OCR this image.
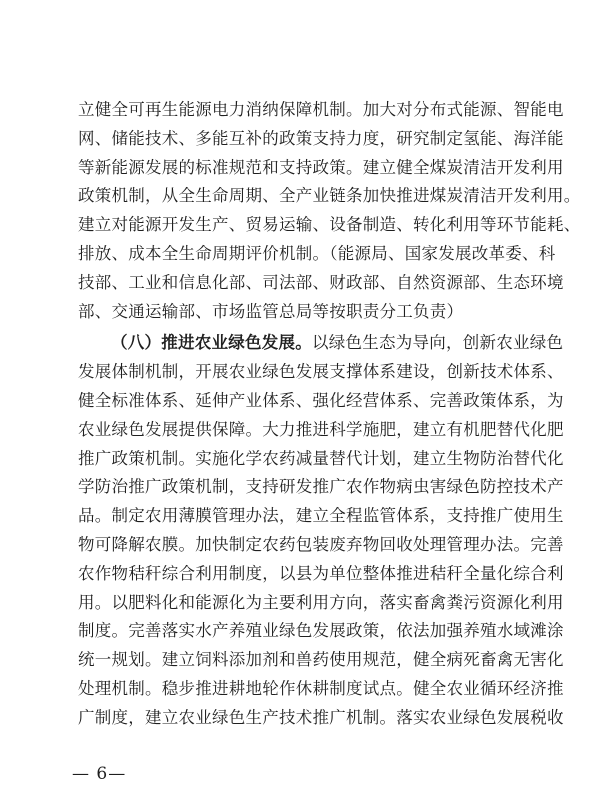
立健全可再生能源电力消纳保障机制。加大对分布式能源、智能电
网、储能技术、多能互补的政策支持力度，研究制定氢能、海洋能
等新能源发展的标准规范和支持政策。建立健全煤炭清洁开发利用
政策机制，从全生命周期、全产业链条加快推进煤炭清洁开发利用。
建立对能源开发生产、贸易运输、设备制造、转化利用等环节能耗、
排放、成本全生命周期评价机制。（能源局、国家发展改革委、科
技部、工业和信息化部、司法部、财政部、自然资源部、生态环境
部、交通运输部、市场监管总局等按职责分工负责）
（八）推进农业绿色发展。以绿色生态为导向，创新农业绿色
发展体制机制，开展农业绿色发展支撑体系建设，创新技术体系、
健全标准体系、延伸产业体系、强化经营体系、完善政策体系，为
农业绿色发展提供保障。大力推进科学施肥，建立有机肥替代化肥
推广政策机制。实施化学农药减量替代计划，建立生物防治替代化
学防治推广政策机制，支持研发推广农作物病虫害绿色防控技术产
品。制定农用薄膜管理办法，建立全程监管体系，支持推广使用生
物可降解农膜。加快制定农药包装废弃物回收处理管理办法。完善
农作物秸秆综合利用制度，以县为单位整体推进秸秆全量化综合利
用。以肥料化和能源化为主要利用方向，落实畜禽粪污资源化利用
制度。完善落实水产养殖业绿色发展政策，依法加强养殖水域滩涂
统一规划。建立饲料添加剂和兽药使用规范，健全病死畜禽无害化
处理机制。稳步推进耕地轮作休耕制度试点。健全农业循环经济推
广制度，建立农业绿色生产技术推广机制。落实农业绿色发展税收
— 6—
